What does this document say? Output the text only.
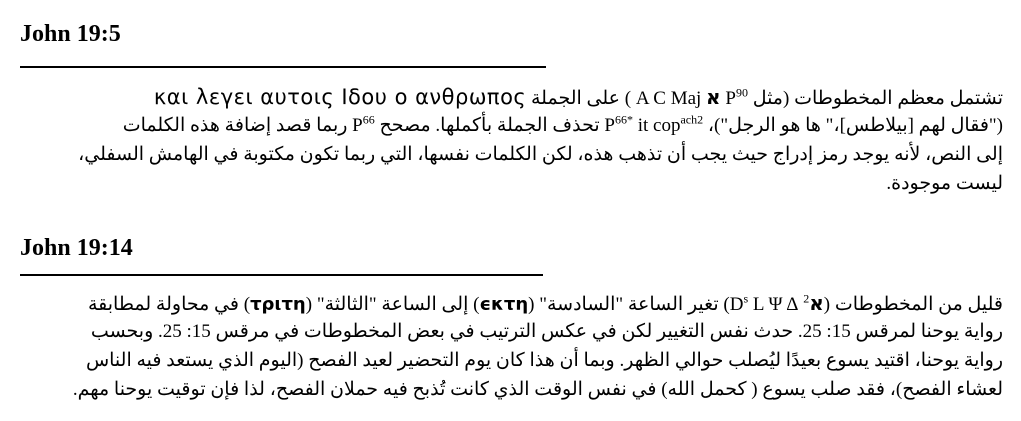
John 19:5
تشتمل معظم المخطوطات (مثل $P^{90}$ א A C Maj ) على الجملة και λεγει αυτοις Ιδου ο ανθρωπος
("فقال لهم [بيلاطس]،" ها هو الرجل")، $P^{66*}$ it cop$^{ach2}$ تحذف الجملة بأكملها. مصحح $P^{66}$ ربما قصد إضافة هذه الكلمات
إلى النص، لأنه يوجد رمز إدراج حيث يجب أن تذهب هذه، لكن الكلمات نفسها، التي ربما تكون مكتوبة في الهامش السفلي،
ليست موجودة.
John 19:14
قليل من المخطوطات (א$^2$ $D^s$ L Ψ Δ) تغير الساعة "السادسة" (ϵκτη) إلى الساعة "الثالثة" (τριτη) في محاولة لمطابقة
رواية يوحنا لمرقس 15: 25. حدث نفس التغيير لكن في عكس الترتيب في بعض المخطوطات في مرقس 15: 25. وبحسب
رواية يوحنا، اقتيد يسوع بعيدًا ليُصلب حوالي الظهر. وبما أن هذا كان يوم التحضير لعيد الفصح (اليوم الذي يستعد فيه الناس
لعشاء الفصح)، فقد صلب يسوع ( كحمل الله) في نفس الوقت الذي كانت تُذبح فيه حملان الفصح، لذا فإن توقيت يوحنا مهم.
